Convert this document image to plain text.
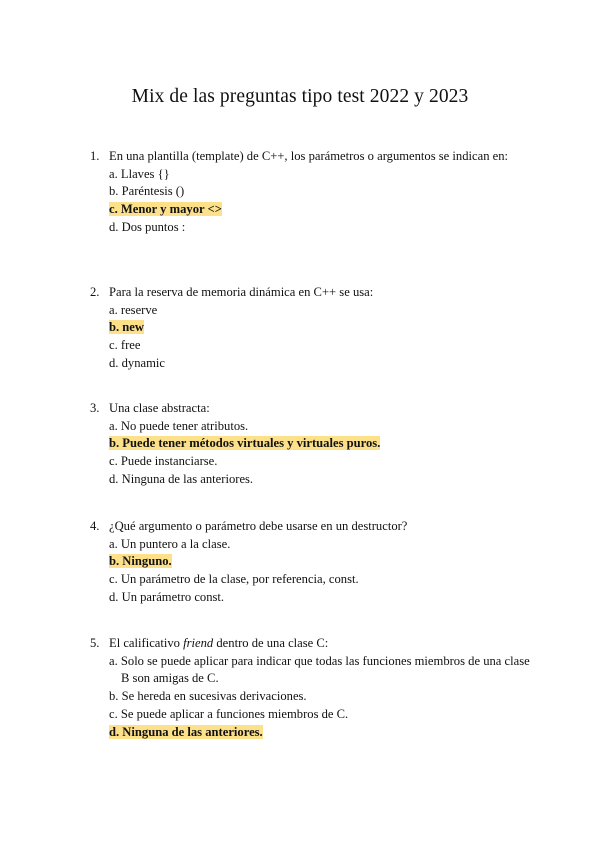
Mix de las preguntas tipo test 2022 y 2023
1. En una plantilla (template) de C++, los parámetros o argumentos se indican en:
a. Llaves {}
b. Paréntesis ()
c. Menor y mayor <>
d. Dos puntos :
2. Para la reserva de memoria dinámica en C++ se usa:
a. reserve
b. new
c. free
d. dynamic
3. Una clase abstracta:
a. No puede tener atributos.
b. Puede tener métodos virtuales y virtuales puros.
c. Puede instanciarse.
d. Ninguna de las anteriores.
4. ¿Qué argumento o parámetro debe usarse en un destructor?
a. Un puntero a la clase.
b. Ninguno.
c. Un parámetro de la clase, por referencia, const.
d. Un parámetro const.
5. El calificativo friend dentro de una clase C:
a. Solo se puede aplicar para indicar que todas las funciones miembros de una clase B son amigas de C.
b. Se hereda en sucesivas derivaciones.
c. Se puede aplicar a funciones miembros de C.
d. Ninguna de las anteriores.
